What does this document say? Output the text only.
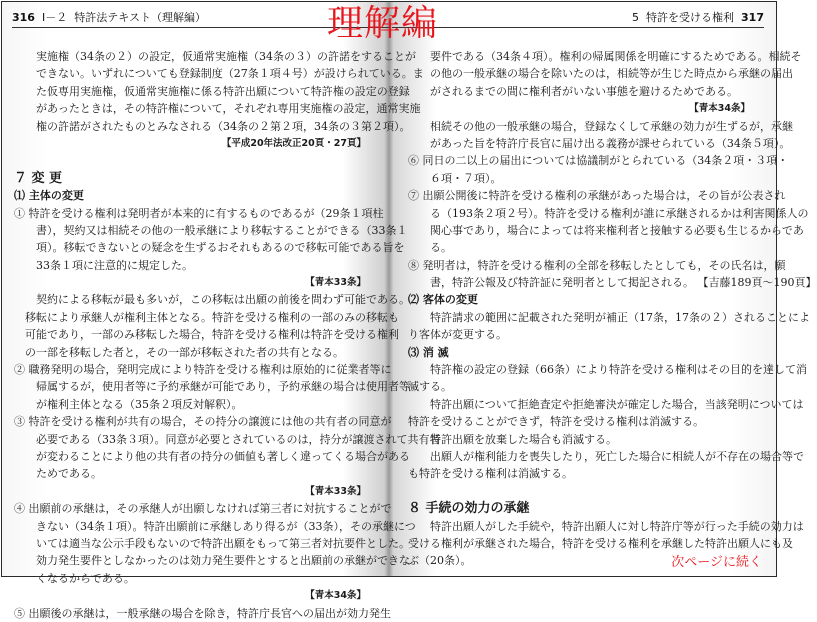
316 Ⅰ－２ 特許法テキスト（理解編）
実施権（34条の２）の設定，仮通常実施権（34条の３）の許諾をすることが
できない。いずれについても登録制度（27条１項４号）が設けられている。ま
た仮専用実施権，仮通常実施権に係る特許出願について特許権の設定の登録
があったときは，その特許権について，それぞれ専用実施権の設定，通常実施
権の許諾がされたものとみなされる（34条の２第２項，34条の３第２項）。
【平成20年法改正20頁・27頁】
７ 変 更
⑴ 主体の変更
① 特許を受ける権利は発明者が本来的に有するものであるが（29条１項柱
書），契約又は相続その他の一般承継により移転することができる（33条１
項）。移転できないとの疑念を生ずるおそれもあるので移転可能である旨を
33条１項に注意的に規定した。
【青本33条】
契約による移転が最も多いが，この移転は出願の前後を問わず可能である。
移転により承継人が権利主体となる。特許を受ける権利の一部のみの移転も
可能であり，一部のみ移転した場合，特許を受ける権利は特許を受ける権利
の一部を移転した者と，その一部が移転された者の共有となる。
② 職務発明の場合，発明完成により特許を受ける権利は原始的に従業者等に
帰属するが，使用者等に予約承継が可能であり，予約承継の場合は使用者等
が権利主体となる（35条２項反対解釈）。
③ 特許を受ける権利が共有の場合，その持分の譲渡には他の共有者の同意が
必要である（33条３項）。同意が必要とされているのは，持分が譲渡されて共有者
が変わることにより他の共有者の持分の価値も著しく違ってくる場合がある
ためである。
【青本33条】
④ 出願前の承継は，その承継人が出願しなければ第三者に対抗することがで
きない（34条１項）。特許出願前に承継しあり得るが（33条），その承継につ
いては適当な公示手段もないので特許出願をもって第三者対抗要件とした。
効力発生要件としなかったのは効力発生要件とすると出願前の承継ができな
くなるからである。
【青本34条】
⑤ 出願後の承継は，一般承継の場合を除き，特許庁長官への届出が効力発生
5 特許を受ける権利 317
要件である（34条４項）。権利の帰属関係を明確にするためである。相続そ
の他の一般承継の場合を除いたのは，相続等が生じた時点から承継の届出
がされるまでの間に権利者がいない事態を避けるためである。
【青本34条】
相続その他の一般承継の場合，登録なくして承継の効力が生ずるが，承継
があった旨を特許庁長官に届け出る義務が課せられている（34条５項）。
⑥ 同日の二以上の届出については協議制がとられている（34条２項・３項・
６項・７項）。
⑦ 出願公開後に特許を受ける権利の承継があった場合は，その旨が公表され
る（193条２項２号）。特許を受ける権利が誰に承継されるかは利害関係人の
関心事であり，場合によっては将来権利者と接触する必要も生じるからであ
る。
⑧ 発明者は，特許を受ける権利の全部を移転したとしても，その氏名は，願
書，特許公報及び特許証に発明者として掲記される。 【吉藤189頁～190頁】
⑵ 客体の変更
特許請求の範囲に記載された発明が補正（17条，17条の２）されることによ
り客体が変更する。
⑶ 消 滅
特許権の設定の登録（66条）により特許を受ける権利はその目的を達して消
滅する。
特許出願について拒絶査定や拒絶審決が確定した場合，当該発明については
特許を受けることができず，特許を受ける権利は消滅する。
特許出願を放棄した場合も消滅する。
出願人が権利能力を喪失したり，死亡した場合に相続人が不存在の場合等で
も特許を受ける権利は消滅する。
８ 手続の効力の承継
特許出願人がした手続や，特許出願人に対し特許庁等が行った手続の効力は
受ける権利が承継された場合，特許を受ける権利を承継した特許出願人にも及
ぶ（20条）。
理解編
次ページに続く
